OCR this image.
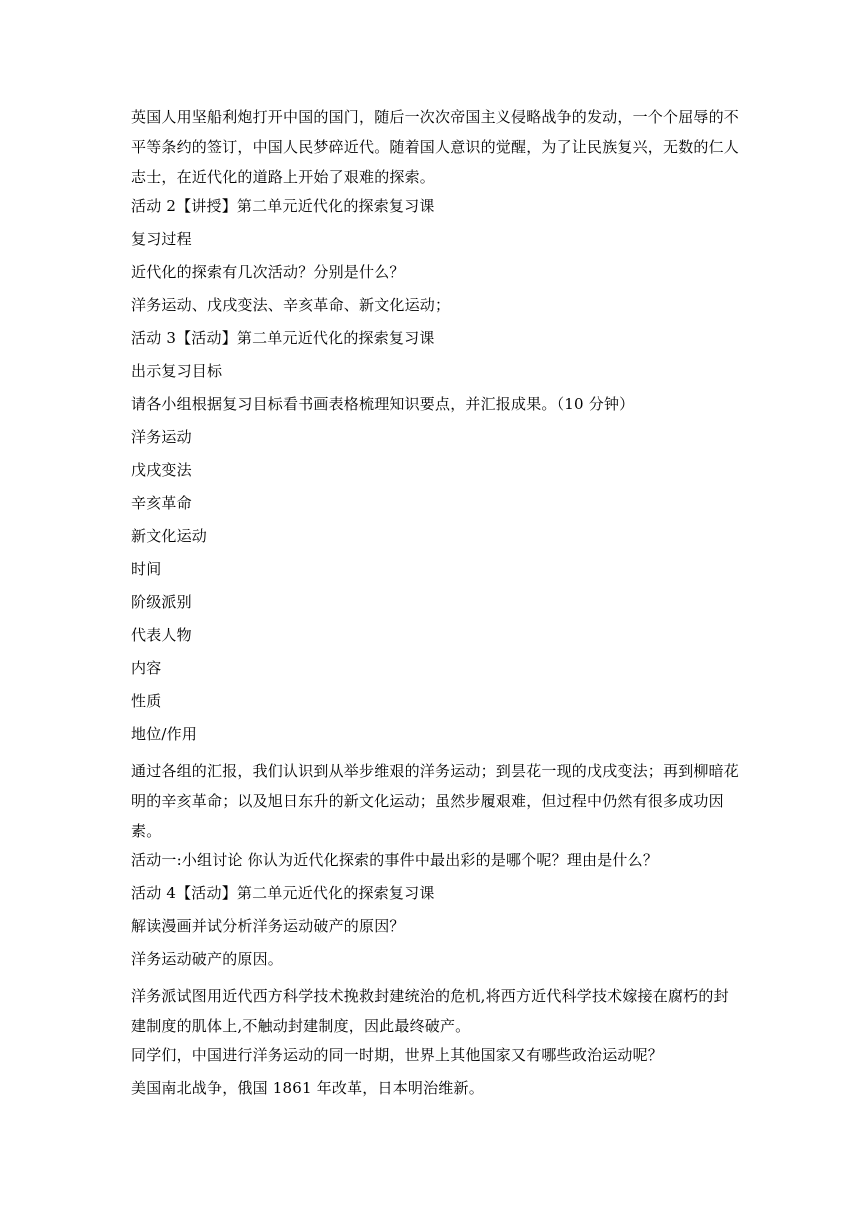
英国人用坚船利炮打开中国的国门，随后一次次帝国主义侵略战争的发动，一个个屈辱的不平等条约的签订，中国人民梦碎近代。随着国人意识的觉醒，为了让民族复兴，无数的仁人志士，在近代化的道路上开始了艰难的探索。

活动 2【讲授】第二单元近代化的探索复习课

复习过程

近代化的探索有几次活动？分别是什么？

洋务运动、戊戌变法、辛亥革命、新文化运动；

活动 3【活动】第二单元近代化的探索复习课

出示复习目标

请各小组根据复习目标看书画表格梳理知识要点，并汇报成果。（10 分钟）

洋务运动

戊戌变法

辛亥革命

新文化运动

时间

阶级派别

代表人物

内容

性质

地位/作用

通过各组的汇报，我们认识到从举步维艰的洋务运动；到昙花一现的戊戌变法；再到柳暗花明的辛亥革命；以及旭日东升的新文化运动；虽然步履艰难，但过程中仍然有很多成功因素。

活动一:小组讨论 你认为近代化探索的事件中最出彩的是哪个呢？理由是什么？

活动 4【活动】第二单元近代化的探索复习课

解读漫画并试分析洋务运动破产的原因？

洋务运动破产的原因。

洋务派试图用近代西方科学技术挽救封建统治的危机,将西方近代科学技术嫁接在腐朽的封建制度的肌体上,不触动封建制度，因此最终破产。

同学们，中国进行洋务运动的同一时期，世界上其他国家又有哪些政治运动呢？

美国南北战争，俄国 1861 年改革，日本明治维新。
